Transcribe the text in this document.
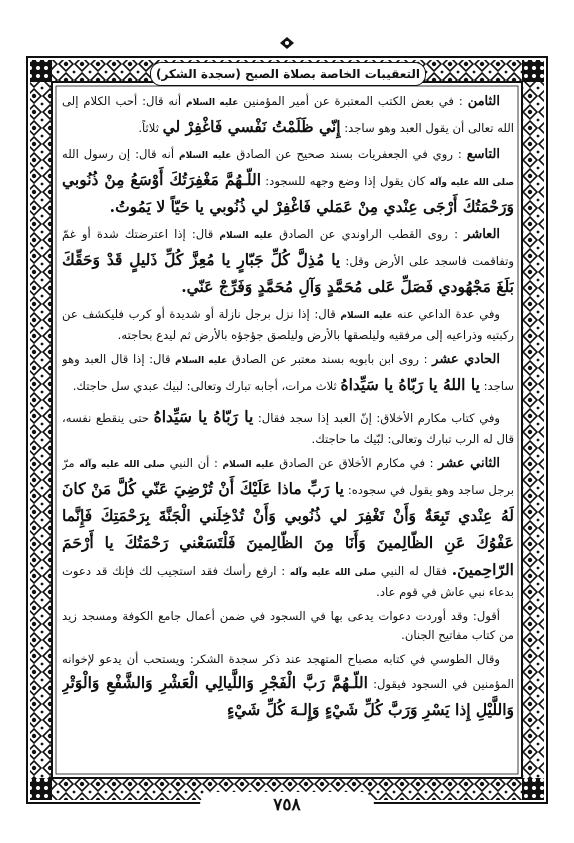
التعقيبات الخاصة بصلاة الصبح (سجدة الشكر)

الثامن : في بعض الكتب المعتبرة عن أمير المؤمنين عليه السلام أنه قال: أحب الكلام إلى الله تعالى أن يقول العبد وهو ساجد: إِنّي ظَلَمْتُ نَفْسي فَاغْفِرْ لي ثلاثاً.

التاسع : روي في الجعفريات بسند صحيح عن الصادق عليه السلام أنه قال: إن رسول الله صلى الله عليه وآله كان يقول إذا وضع وجهه للسجود: اللّـهُمَّ مَغْفِرَتُكَ أَوْسَعُ مِنْ ذُنُوبي وَرَحْمَتُكَ أَرْجَى عِنْدي مِنْ عَمَلي فَاغْفِرْ لي ذُنُوبي يا حَيّاً لا يَمُوتُ.

العاشر : روى القطب الراوندي عن الصادق عليه السلام قال: إذا اعترضتك شدة أو غمّ وتفاقمت فاسجد على الأرض وقل: يا مُذِلَّ كُلِّ جَبّارٍ يا مُعِزَّ كُلِّ ذَليلٍ قَدْ وَحَقِّكَ بَلَغَ مَجْهُودي فَصَلِّ عَلى مُحَمَّدٍ وَآلِ مُحَمَّدٍ وَفَرِّجْ عَنّي.

وفي عدة الداعي عنه عليه السلام قال: إذا نزل برجل نازلة أو شديدة أو كرب فليكشف عن ركبتيه وذراعيه إلى مرفقيه وليلصقها بالأرض وليلصق جؤجؤه بالأرض ثم ليدع بحاجته.

الحادي عشر : روى ابن بابويه بسند معتبر عن الصادق عليه السلام قال: إذا قال العبد وهو ساجد: يا اللهُ يا رَبّاهُ يا سَيِّداهُ ثلاث مرات، أجابه تبارك وتعالى: لبيك عبدي سل حاجتك.

وفي كتاب مكارم الأخلاق: إنّ العبد إذا سجد فقال: يا رَبّاهُ يا سَيِّداهُ حتى ينقطع نفسه، قال له الرب تبارك وتعالى: لبّيك ما حاجتك.

الثاني عشر : في مكارم الأخلاق عن الصادق عليه السلام : أن النبي صلى الله عليه وآله مرّ برجل ساجد وهو يقول في سجوده: يا رَبِّ ماذا عَلَيْكَ أَنْ تُرْضِيَ عَنّي كُلَّ مَنْ كانَ لَهُ عِنْدي تَبِعَةٌ وَأَنْ تَغْفِرَ لي ذُنُوبي وَأَنْ تُدْخِلَني الْجَنَّةَ بِرَحْمَتِكَ فَإِنَّما عَفْوُكَ عَنِ الظّالِمينَ وَأَنَا مِنَ الظّالِمينَ فَلْتَسَعْني رَحْمَتُكَ يا أَرْحَمَ الرّاحِمينَ. فقال له النبي صلى الله عليه وآله : ارفع رأسك فقد استجيب لك فإنك قد دعوت بدعاء نبي عاش في قوم عاد.

أقول: وقد أوردت دعوات يدعى بها في السجود في ضمن أعمال جامع الكوفة ومسجد زيد من كتاب مفاتيح الجنان.

وقال الطوسي في كتابه مصباح المتهجد عند ذكر سجدة الشكر: ويستحب أن يدعو لإخوانه المؤمنين في السجود فيقول: اللّـهُمَّ رَبَّ الْفَجْرِ وَاللَّيالِي الْعَشْرِ وَالشَّفْعِ وَالْوَتْرِ وَاللَّيْلِ إِذا يَسْرِ وَرَبَّ كُلِّ شَيْءٍ وَإِلـهَ كُلِّ شَيْءٍ

٧٥٨
